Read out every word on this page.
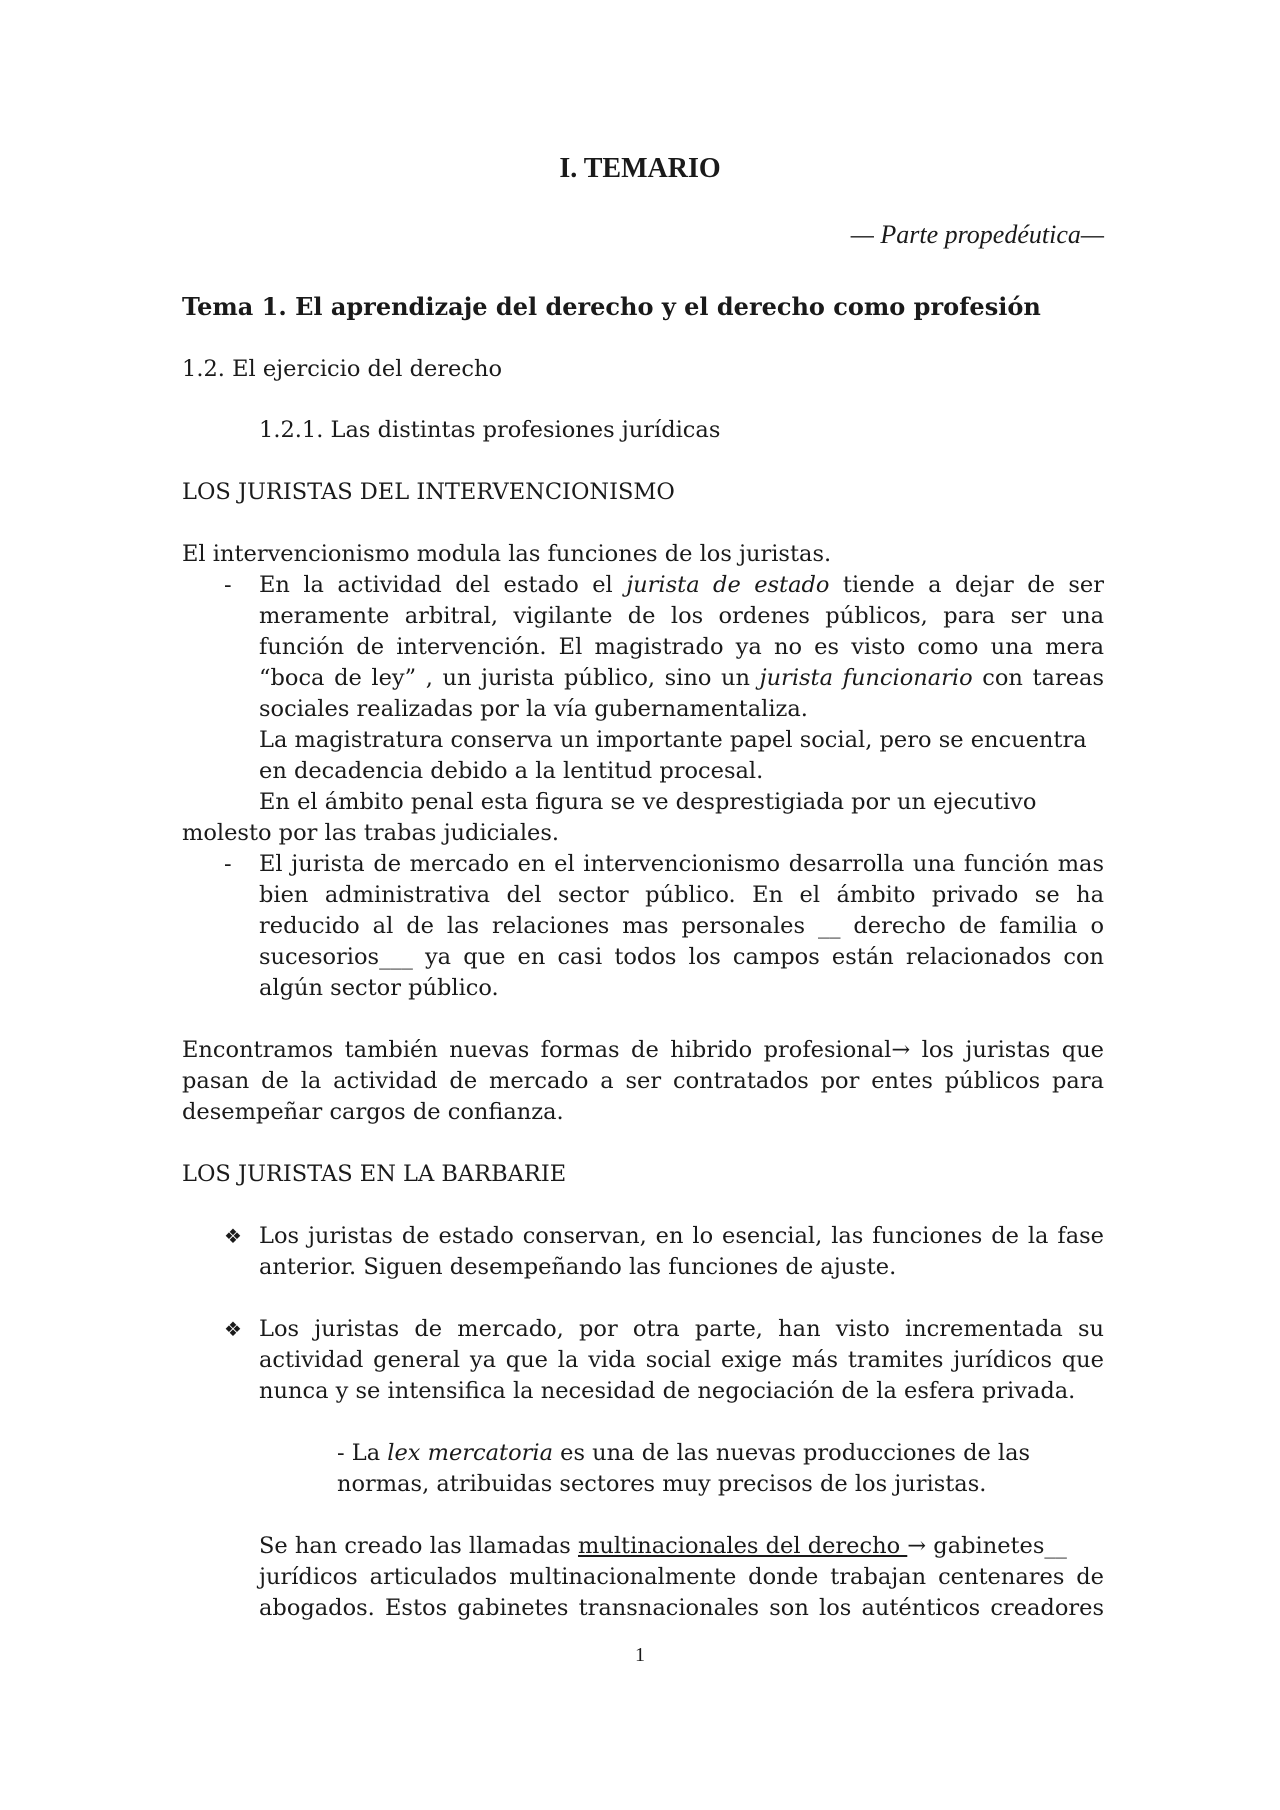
I. TEMARIO
— Parte propedéutica—
Tema 1. El aprendizaje del derecho y el derecho como profesión
1.2. El ejercicio del derecho
1.2.1. Las distintas profesiones jurídicas
LOS JURISTAS DEL INTERVENCIONISMO
El intervencionismo modula las funciones de los juristas.
- En la actividad del estado el jurista de estado tiende a dejar de ser
meramente arbitral, vigilante de los ordenes públicos, para ser una
función de intervención. El magistrado ya no es visto como una mera
“boca de ley” , un jurista público, sino un jurista funcionario con tareas
sociales realizadas por la vía gubernamentaliza.
La magistratura conserva un importante papel social, pero se encuentra
en decadencia debido a la lentitud procesal.
En el ámbito penal esta figura se ve desprestigiada por un ejecutivo
molesto por las trabas judiciales.
- El jurista de mercado en el intervencionismo desarrolla una función mas
bien administrativa del sector público. En el ámbito privado se ha
reducido al de las relaciones mas personales __ derecho de familia o
sucesorios___ ya que en casi todos los campos están relacionados con
algún sector público.
Encontramos también nuevas formas de hibrido profesional→ los juristas que
pasan de la actividad de mercado a ser contratados por entes públicos para
desempeñar cargos de confianza.
LOS JURISTAS EN LA BARBARIE
❖ Los juristas de estado conservan, en lo esencial, las funciones de la fase
anterior. Siguen desempeñando las funciones de ajuste.
❖ Los juristas de mercado, por otra parte, han visto incrementada su
actividad general ya que la vida social exige más tramites jurídicos que
nunca y se intensifica la necesidad de negociación de la esfera privada.
- La lex mercatoria es una de las nuevas producciones de las
normas, atribuidas sectores muy precisos de los juristas.
Se han creado las llamadas multinacionales del derecho → gabinetes__
jurídicos articulados multinacionalmente donde trabajan centenares de
abogados. Estos gabinetes transnacionales son los auténticos creadores
1
